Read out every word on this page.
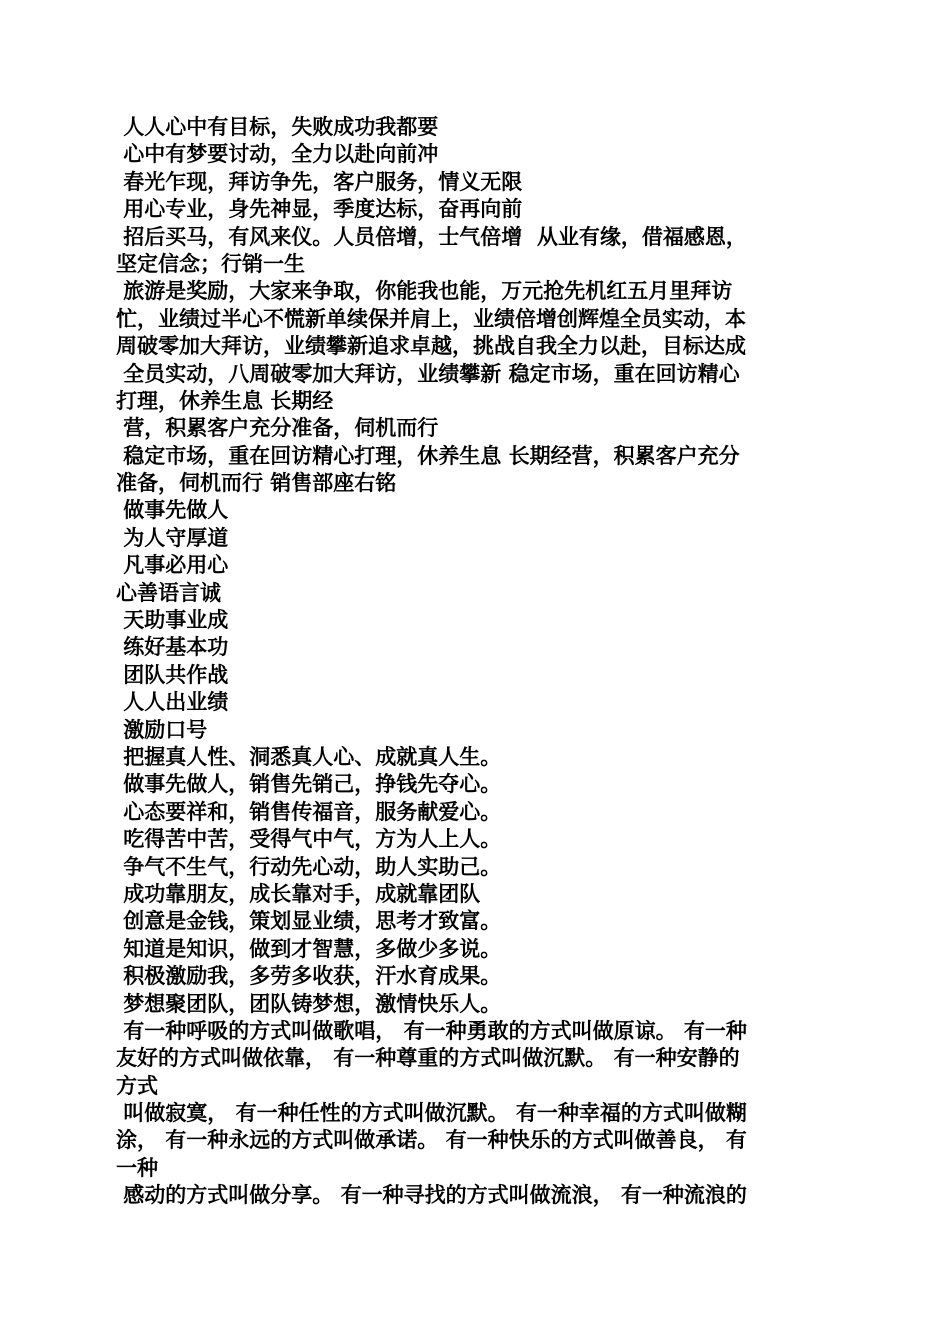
人人心中有目标，失败成功我都要
心中有梦要讨动，全力以赴向前冲
春光乍现，拜访争先，客户服务，情义无限
用心专业，身先神显，季度达标，奋再向前
招后买马，有风来仪。人员倍增，士气倍增  从业有缘，借福感恩，
坚定信念；行销一生
旅游是奖励，大家来争取，你能我也能，万元抢先机红五月里拜访
忙，业绩过半心不慌新单续保并肩上，业绩倍增创辉煌全员实动，本
周破零加大拜访，业绩攀新追求卓越，挑战自我全力以赴，目标达成
全员实动，八周破零加大拜访，业绩攀新 稳定市场，重在回访精心
打理，休养生息 长期经
营，积累客户充分准备，伺机而行
稳定市场，重在回访精心打理，休养生息 长期经营，积累客户充分
准备，伺机而行 销售部座右铭
做事先做人
为人守厚道
凡事必用心
心善语言诚
天助事业成
练好基本功
团队共作战
人人出业绩
激励口号
把握真人性、洞悉真人心、成就真人生。
做事先做人，销售先销己，挣钱先夺心。
心态要祥和，销售传福音，服务献爱心。
吃得苦中苦，受得气中气，方为人上人。
争气不生气，行动先心动，助人实助己。
成功靠朋友，成长靠对手，成就靠团队
创意是金钱，策划显业绩，思考才致富。
知道是知识，做到才智慧，多做少多说。
积极激励我，多劳多收获，汗水育成果。
梦想聚团队，团队铸梦想，激情快乐人。
有一种呼吸的方式叫做歌唱， 有一种勇敢的方式叫做原谅。 有一种
友好的方式叫做依靠， 有一种尊重的方式叫做沉默。 有一种安静的
方式
叫做寂寞， 有一种任性的方式叫做沉默。 有一种幸福的方式叫做糊
涂， 有一种永远的方式叫做承诺。 有一种快乐的方式叫做善良， 有
一种
感动的方式叫做分享。 有一种寻找的方式叫做流浪， 有一种流浪的
